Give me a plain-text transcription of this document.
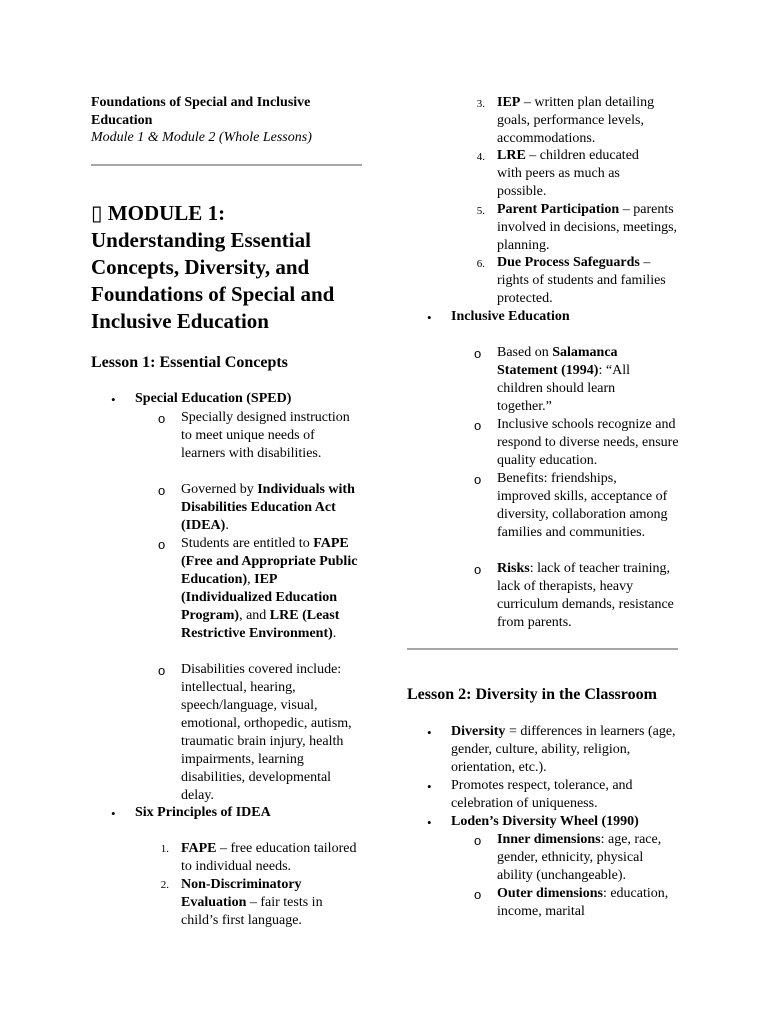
Foundations of Special and Inclusive Education

Module 1 & Module 2 (Whole Lessons)

▯ MODULE 1: Understanding Essential Concepts, Diversity, and Foundations of Special and Inclusive Education

Lesson 1: Essential Concepts

• Special Education (SPED)

o Specially designed instruction to meet unique needs of learners with disabilities.

o Governed by Individuals with Disabilities Education Act (IDEA).

o Students are entitled to FAPE (Free and Appropriate Public Education), IEP (Individualized Education Program), and LRE (Least Restrictive Environment).

o Disabilities covered include: intellectual, hearing, speech/language, visual, emotional, orthopedic, autism, traumatic brain injury, health impairments, learning disabilities, developmental delay.

• Six Principles of IDEA

1. FAPE – free education tailored to individual needs.

2. Non-Discriminatory Evaluation – fair tests in child’s first language.

3. IEP – written plan detailing goals, performance levels, accommodations.

4. LRE – children educated with peers as much as possible.

5. Parent Participation – parents involved in decisions, meetings, planning.

6. Due Process Safeguards – rights of students and families protected.

• Inclusive Education

o Based on Salamanca Statement (1994): “All children should learn together.”

o Inclusive schools recognize and respond to diverse needs, ensure quality education.

o Benefits: friendships, improved skills, acceptance of diversity, collaboration among families and communities.

o Risks: lack of teacher training, lack of therapists, heavy curriculum demands, resistance from parents.

Lesson 2: Diversity in the Classroom

• Diversity = differences in learners (age, gender, culture, ability, religion, orientation, etc.).

• Promotes respect, tolerance, and celebration of uniqueness.

• Loden’s Diversity Wheel (1990)

o Inner dimensions: age, race, gender, ethnicity, physical ability (unchangeable).

o Outer dimensions: education, income, marital
